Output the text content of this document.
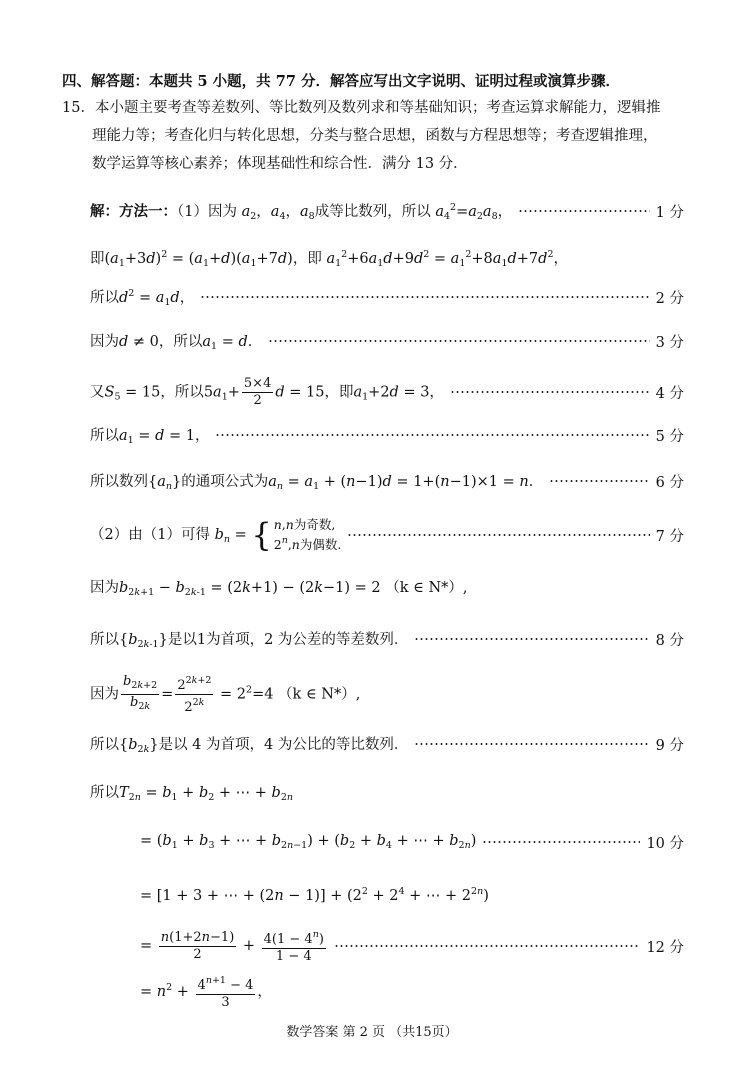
四、解答题：本题共 5 小题，共 77 分．解答应写出文字说明、证明过程或演算步骤．
15．本小题主要考查等差数列、等比数列及数列求和等基础知识；考查运算求解能力，逻辑推
理能力等；考查化归与转化思想，分类与整合思想，函数与方程思想等；考查逻辑推理，
数学运算等核心素养；体现基础性和综合性．满分 13 分．
解：方法一：（1）因为 $a_2$，$a_4$，$a_8$成等比数列，所以 $a_4^2=a_2a_8$，	1 分
即$(a_1+3d)^2 = (a_1+d)(a_1+7d)$，即 $a_1^2+6a_1d+9d^2 = a_1^2+8a_1d+7d^2$，
所以$d^2 = a_1d$，	2 分
因为d ≠ 0，所以$a_1 = d$．	3 分
又$S_5 = 15$，所以$5a_1+ \frac{5\times 4}{2}$ d = 15，即$a_1+2d = 3$，	4 分
所以$a_1 = d = 1$，	5 分
所以数列$\{a_n\}$的通项公式为$a_n = a_1 + (n-1)d = 1+(n-1)\times 1 = n$．	6 分
（2）由（1）可得 $b_n$ = { n,n为奇数,
2$^n$,n为偶数.	7 分
因为$b_{2k+1} - b_{2k-1} = (2k+1) - (2k-1) = 2$ （k ∈ N*）,
所以$\{b_{2k-1}\}$是以1为首项，2 为公差的等差数列．	8 分
因为 $\frac{b_{2k+2}}{b_{2k}} = \frac{2^{2k+2}}{2^{2k}} = 2^2=4$ （k ∈ N*）,
所以$\{b_{2k}\}$是以 4 为首项，4 为公比的等比数列．	9 分
所以$T_{2n} = b_1 + b_2$ + ⋯ + $b_{2n}$
= ($b_1 + b_3$ + ⋯ + $b_{2n-1}) + (b_2 + b_4$ + ⋯ + $b_{2n}$)	10 分
= [1 + 3 + ⋯ + $(2n - 1)] + (2^2 + 2^4$ + ⋯ + $2^{2n}$)
= $\frac{n(1+2n-1)}{2} + \frac{4(1 - 4^n)}{1 - 4}$	12 分
= $n^2 + \frac{4^{n+1} - 4}{3}$ ，
数学答案 第 2 页 （共15页）
